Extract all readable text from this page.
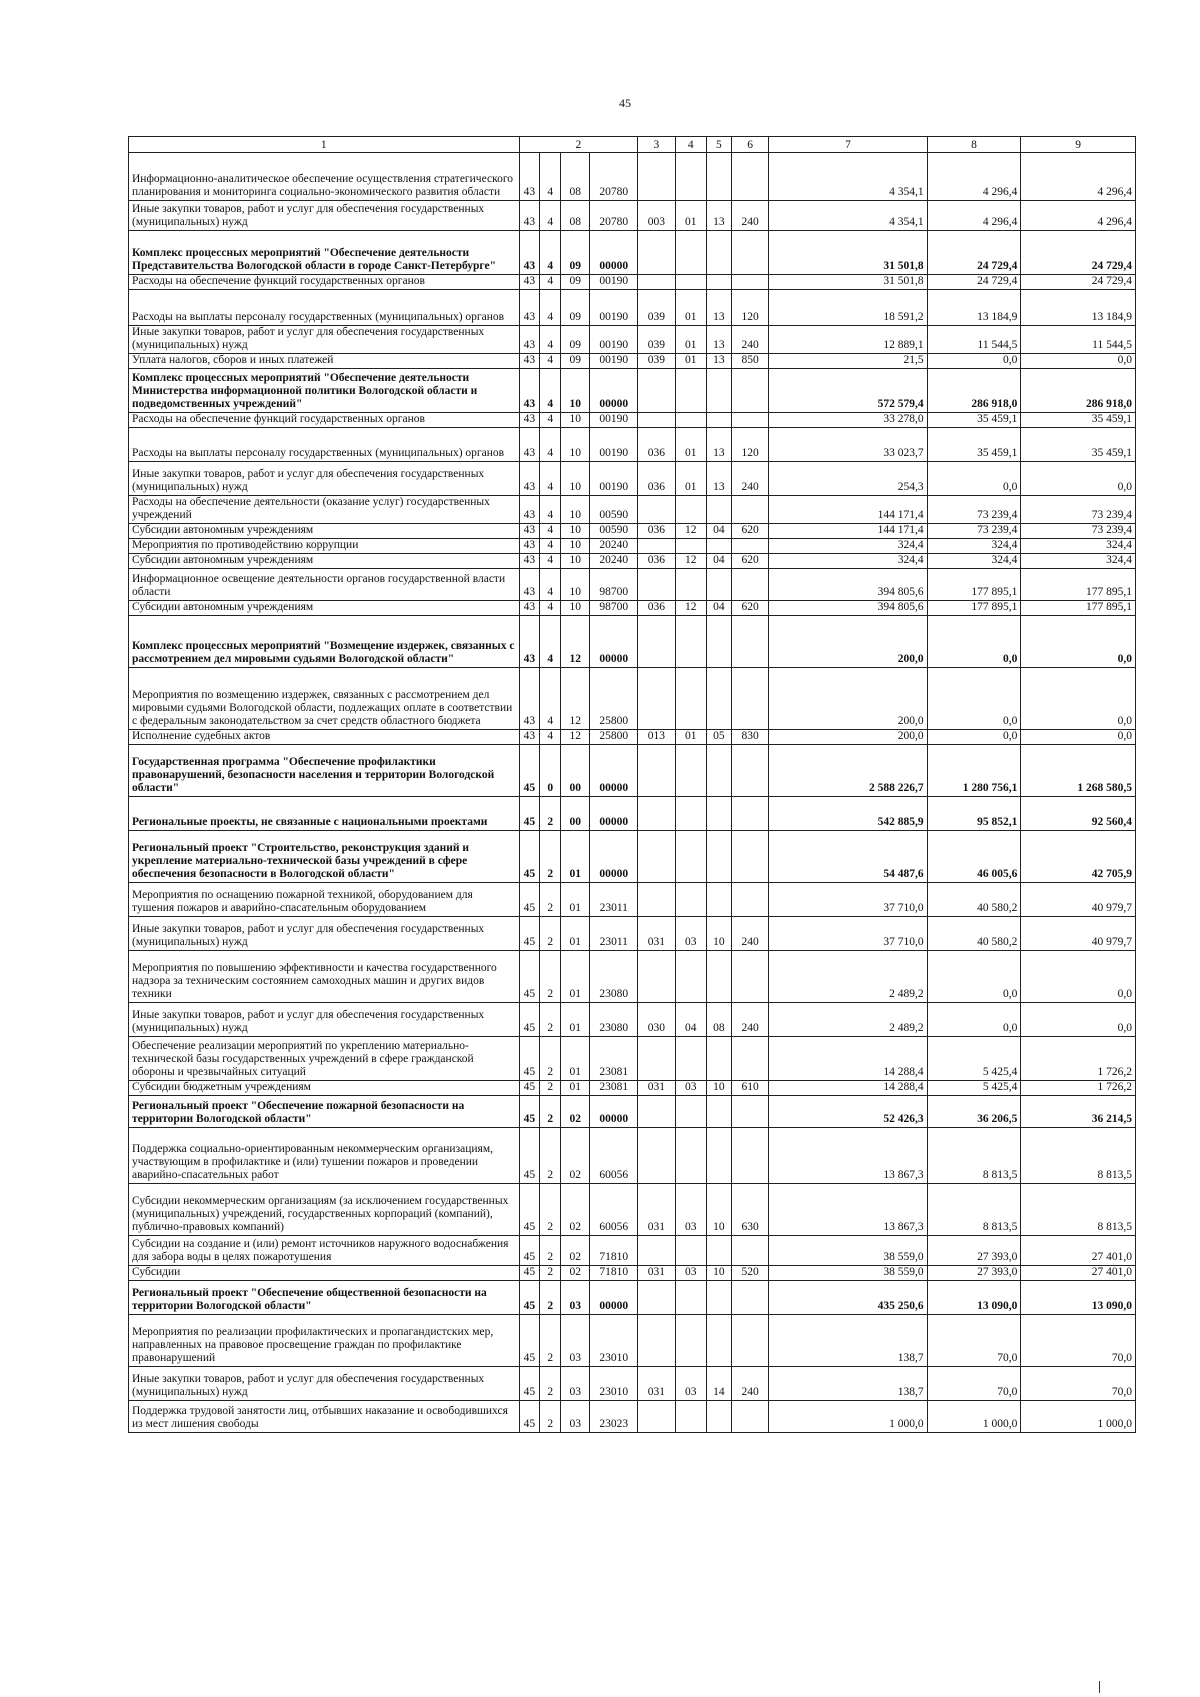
45
1	2				3	4	5	6	7	8	9
Информационно-аналитическое обеспечение осуществления стратегического планирования и мониторинга социально-экономического развития области	43	4	08	20780					4 354,1	4 296,4	4 296,4
Иные закупки товаров, работ и услуг для обеспечения государственных (муниципальных) нужд	43	4	08	20780	003	01	13	240	4 354,1	4 296,4	4 296,4
Комплекс процессных мероприятий "Обеспечение деятельности Представительства Вологодской области в городе Санкт-Петербурге"	43	4	09	00000					31 501,8	24 729,4	24 729,4
Расходы на обеспечение функций государственных органов	43	4	09	00190					31 501,8	24 729,4	24 729,4
Расходы на выплаты персоналу государственных (муниципальных) органов	43	4	09	00190	039	01	13	120	18 591,2	13 184,9	13 184,9
Иные закупки товаров, работ и услуг для обеспечения государственных (муниципальных) нужд	43	4	09	00190	039	01	13	240	12 889,1	11 544,5	11 544,5
Уплата налогов, сборов и иных платежей	43	4	09	00190	039	01	13	850	21,5	0,0	0,0
Комплекс процессных мероприятий "Обеспечение деятельности Министерства информационной политики Вологодской области и подведомственных учреждений"	43	4	10	00000					572 579,4	286 918,0	286 918,0
Расходы на обеспечение функций государственных органов	43	4	10	00190					33 278,0	35 459,1	35 459,1
Расходы на выплаты персоналу государственных (муниципальных) органов	43	4	10	00190	036	01	13	120	33 023,7	35 459,1	35 459,1
Иные закупки товаров, работ и услуг для обеспечения государственных (муниципальных) нужд	43	4	10	00190	036	01	13	240	254,3	0,0	0,0
Расходы на обеспечение деятельности (оказание услуг) государственных учреждений	43	4	10	00590					144 171,4	73 239,4	73 239,4
Субсидии автономным учреждениям	43	4	10	00590	036	12	04	620	144 171,4	73 239,4	73 239,4
Мероприятия по противодействию коррупции	43	4	10	20240					324,4	324,4	324,4
Субсидии автономным учреждениям	43	4	10	20240	036	12	04	620	324,4	324,4	324,4
Информационное освещение деятельности органов государственной власти области	43	4	10	98700					394 805,6	177 895,1	177 895,1
Субсидии автономным учреждениям	43	4	10	98700	036	12	04	620	394 805,6	177 895,1	177 895,1
Комплекс процессных мероприятий "Возмещение издержек, связанных с рассмотрением дел мировыми судьями Вологодской области"	43	4	12	00000					200,0	0,0	0,0
Мероприятия по возмещению издержек, связанных с рассмотрением дел мировыми судьями Вологодской области, подлежащих оплате в соответствии с федеральным законодательством за счет средств областного бюджета	43	4	12	25800					200,0	0,0	0,0
Исполнение судебных актов	43	4	12	25800	013	01	05	830	200,0	0,0	0,0
Государственная программа "Обеспечение профилактики правонарушений, безопасности населения и территории Вологодской области"	45	0	00	00000					2 588 226,7	1 280 756,1	1 268 580,5
Региональные проекты, не связанные с национальными проектами	45	2	00	00000					542 885,9	95 852,1	92 560,4
Региональный проект "Строительство, реконструкция зданий и укрепление материально-технической базы учреждений в сфере обеспечения безопасности в Вологодской области"	45	2	01	00000					54 487,6	46 005,6	42 705,9
Мероприятия по оснащению пожарной техникой, оборудованием для тушения пожаров и аварийно-спасательным оборудованием	45	2	01	23011					37 710,0	40 580,2	40 979,7
Иные закупки товаров, работ и услуг для обеспечения государственных (муниципальных) нужд	45	2	01	23011	031	03	10	240	37 710,0	40 580,2	40 979,7
Мероприятия по повышению эффективности и качества государственного надзора за техническим состоянием самоходных машин и других видов техники	45	2	01	23080					2 489,2	0,0	0,0
Иные закупки товаров, работ и услуг для обеспечения государственных (муниципальных) нужд	45	2	01	23080	030	04	08	240	2 489,2	0,0	0,0
Обеспечение реализации мероприятий по укреплению материально-технической базы государственных учреждений в сфере гражданской обороны и чрезвычайных ситуаций	45	2	01	23081					14 288,4	5 425,4	1 726,2
Субсидии бюджетным учреждениям	45	2	01	23081	031	03	10	610	14 288,4	5 425,4	1 726,2
Региональный проект "Обеспечение пожарной безопасности на территории Вологодской области"	45	2	02	00000					52 426,3	36 206,5	36 214,5
Поддержка социально-ориентированным некоммерческим организациям, участвующим в профилактике и (или) тушении пожаров и проведении аварийно-спасательных работ	45	2	02	60056					13 867,3	8 813,5	8 813,5
Субсидии некоммерческим организациям (за исключением государственных (муниципальных) учреждений, государственных корпораций (компаний), публично-правовых компаний)	45	2	02	60056	031	03	10	630	13 867,3	8 813,5	8 813,5
Субсидии на создание и (или) ремонт источников наружного водоснабжения для забора воды в целях пожаротушения	45	2	02	71810					38 559,0	27 393,0	27 401,0
Субсидии	45	2	02	71810	031	03	10	520	38 559,0	27 393,0	27 401,0
Региональный проект "Обеспечение общественной безопасности на территории Вологодской области"	45	2	03	00000					435 250,6	13 090,0	13 090,0
Мероприятия по реализации профилактических и пропагандистских мер, направленных на правовое просвещение граждан по профилактике правонарушений	45	2	03	23010					138,7	70,0	70,0
Иные закупки товаров, работ и услуг для обеспечения государственных (муниципальных) нужд	45	2	03	23010	031	03	14	240	138,7	70,0	70,0
Поддержка трудовой занятости лиц, отбывших наказание и освободившихся из мест лишения свободы	45	2	03	23023					1 000,0	1 000,0	1 000,0
